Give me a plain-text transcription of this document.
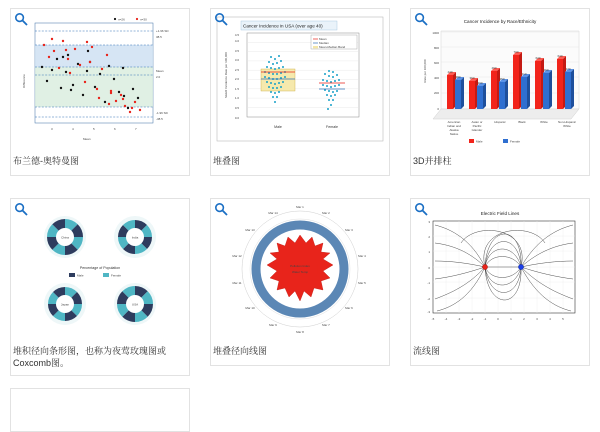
n=26	n=30
+1.96 SD
38.5
Mean
2.0
-1.96 SD
-38.5
3	4	5	6	7
Mean
Difference
布兰德-奥特曼图
Cancer Incidence in USA (over age 40)
Mean
Median
Mean-Median Band
0.0
0.5
1.0
1.5
2.0
2.5
3.0
3.5
4.0
4.5
SEER Incidence Rate per 100,000
Male	Female
堆叠图
Cancer Incidence by Race/Ethnicity
0
200
400
600
800
1000
Rate per 100,000	440
380	360
300
490
350
700
410
620
460
640
470
American
Indian and
Alaska
Native
Asian or
Pacific
Islander
Hispanic	Black	White	Non-Hispanic
White
Male	Female
3D并排柱
China	India
Percentage of Population
Male	Female
Japan	USA
堆积径向条形图，也称为夜莺玫瑰图或Coxcomb图。
Pollution Index
Water Temp
Mar 1
Mar 2
Mar 3
Mar 4
Mar 5
Mar 6
Mar 7
Mar 8
Mar 9
Mar 10
Mar 11
Mar 12
Mar 13
Mar 14
堆叠径向线图
Electric Field Lines
-5	-4	-3	-2	-1	0	1	2	3	4	5
3
2
1
0
-1
-2
-3
流线图
